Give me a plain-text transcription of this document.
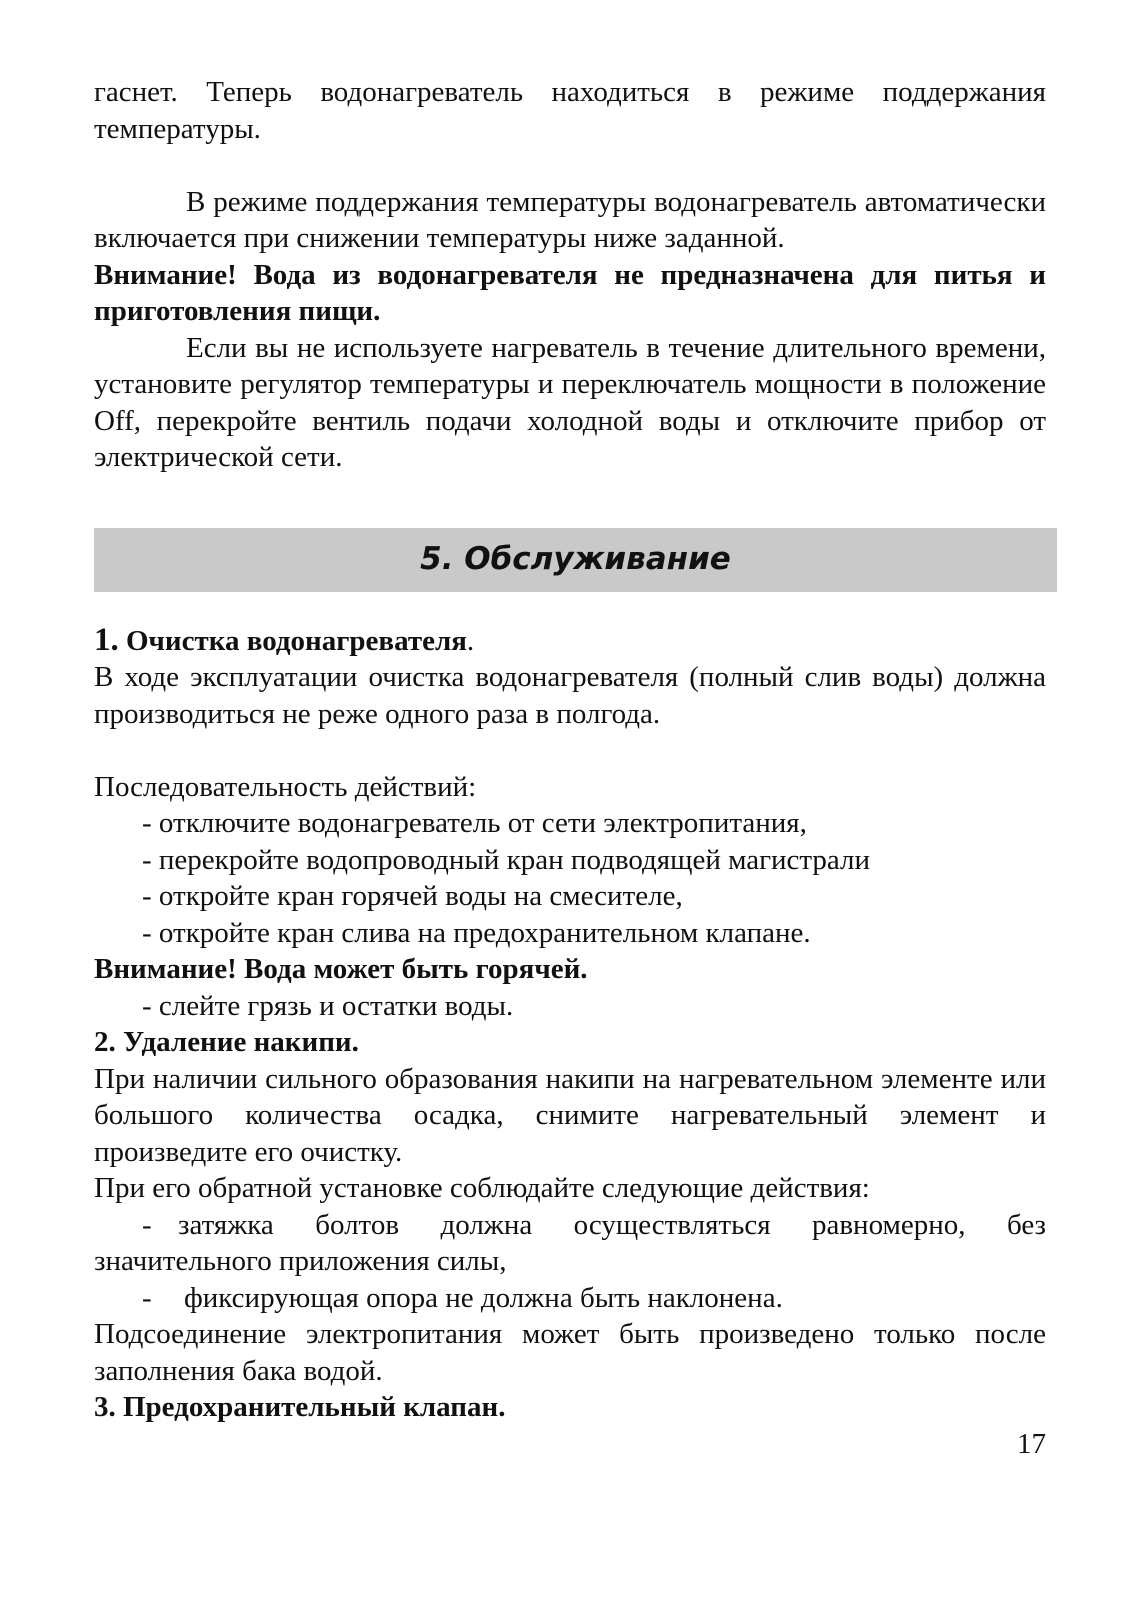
гаснет. Теперь водонагреватель находиться в режиме поддержания температуры.

В режиме поддержания температуры водонагреватель автоматически включается при снижении температуры ниже заданной.

Внимание! Вода из водонагревателя не предназначена для питья и приготовления пищи.

Если вы не используете нагреватель в течение длительного времени, установите регулятор температуры и переключатель мощности в положение Off, перекройте вентиль подачи холодной воды и отключите прибор от электрической сети.

5. Обслуживание

1. Очистка водонагревателя.

В ходе эксплуатации очистка водонагревателя (полный слив воды) должна производиться не реже одного раза в полгода.

Последовательность действий:

- отключите водонагреватель от сети электропитания,

- перекройте водопроводный кран подводящей магистрали

- откройте кран горячей воды на смесителе,

- откройте кран слива на предохранительном клапане.

Внимание! Вода может быть горячей.

- слейте грязь и остатки воды.

2. Удаление накипи.

При наличии сильного образования накипи на нагревательном элементе или большого количества осадка, снимите нагревательный элемент и произведите его очистку.

При его обратной установке соблюдайте следующие действия:

- затяжка болтов должна осуществляться равномерно, без

значительного приложения силы,

-	фиксирующая опора не должна быть наклонена.

Подсоединение электропитания может быть произведено только после заполнения бака водой.

3. Предохранительный клапан.

17
